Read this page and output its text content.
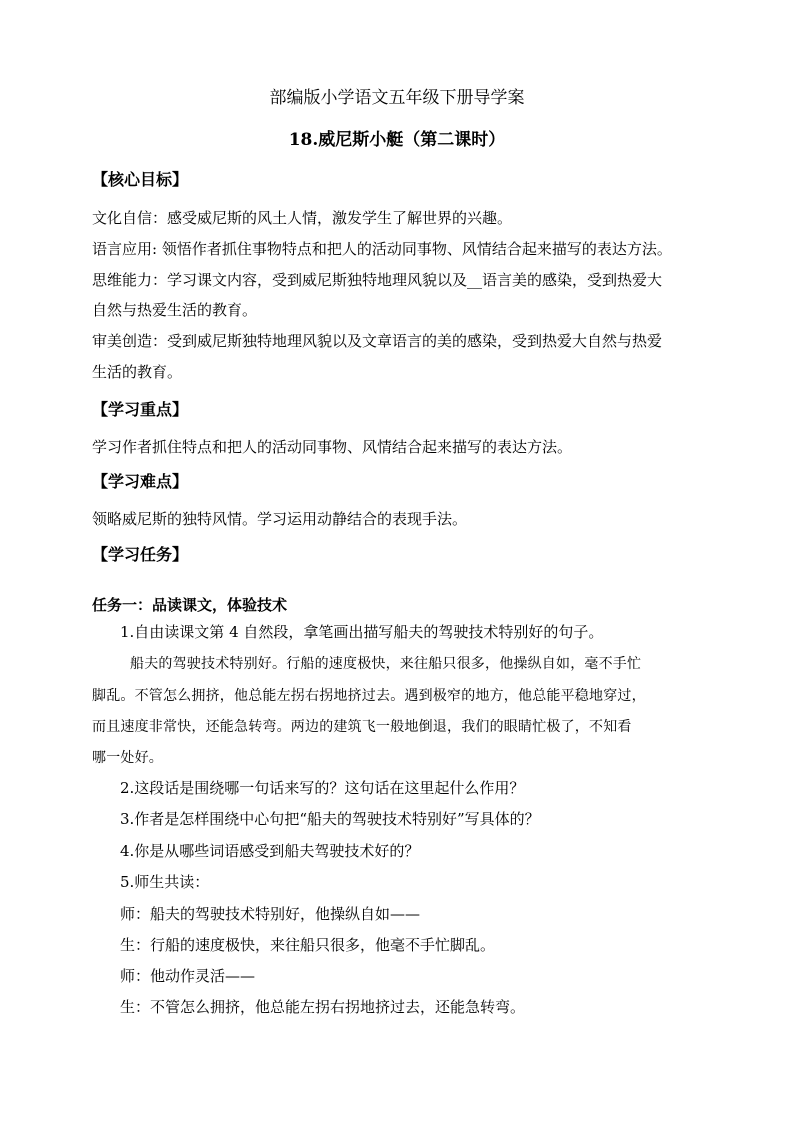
部编版小学语文五年级下册导学案
18.威尼斯小艇（第二课时）
【核心目标】
文化自信：感受威尼斯的风土人情，激发学生了解世界的兴趣。
语言应用: 领悟作者抓住事物特点和把人的活动同事物、风情结合起来描写的表达方法。
思维能力：学习课文内容，受到威尼斯独特地理风貌以及__语言美的感染，受到热爱大
自然与热爱生活的教育。
审美创造：受到威尼斯独特地理风貌以及文章语言的美的感染，受到热爱大自然与热爱
生活的教育。
【学习重点】
学习作者抓住特点和把人的活动同事物、风情结合起来描写的表达方法。
【学习难点】
领略威尼斯的独特风情。学习运用动静结合的表现手法。
【学习任务】
任务一：品读课文，体验技术
1.自由读课文第 4 自然段，拿笔画出描写船夫的驾驶技术特别好的句子。
船夫的驾驶技术特别好。行船的速度极快，来往船只很多，他操纵自如，毫不手忙
脚乱。不管怎么拥挤，他总能左拐右拐地挤过去。遇到极窄的地方，他总能平稳地穿过，
而且速度非常快，还能急转弯。两边的建筑飞一般地倒退，我们的眼睛忙极了，不知看
哪一处好。
2.这段话是围绕哪一句话来写的？这句话在这里起什么作用？
3.作者是怎样围绕中心句把“船夫的驾驶技术特别好”写具体的？
4.你是从哪些词语感受到船夫驾驶技术好的？
5.师生共读：
师：船夫的驾驶技术特别好，他操纵自如——
生：行船的速度极快，来往船只很多，他毫不手忙脚乱。
师：他动作灵活——
生：不管怎么拥挤，他总能左拐右拐地挤过去，还能急转弯。
